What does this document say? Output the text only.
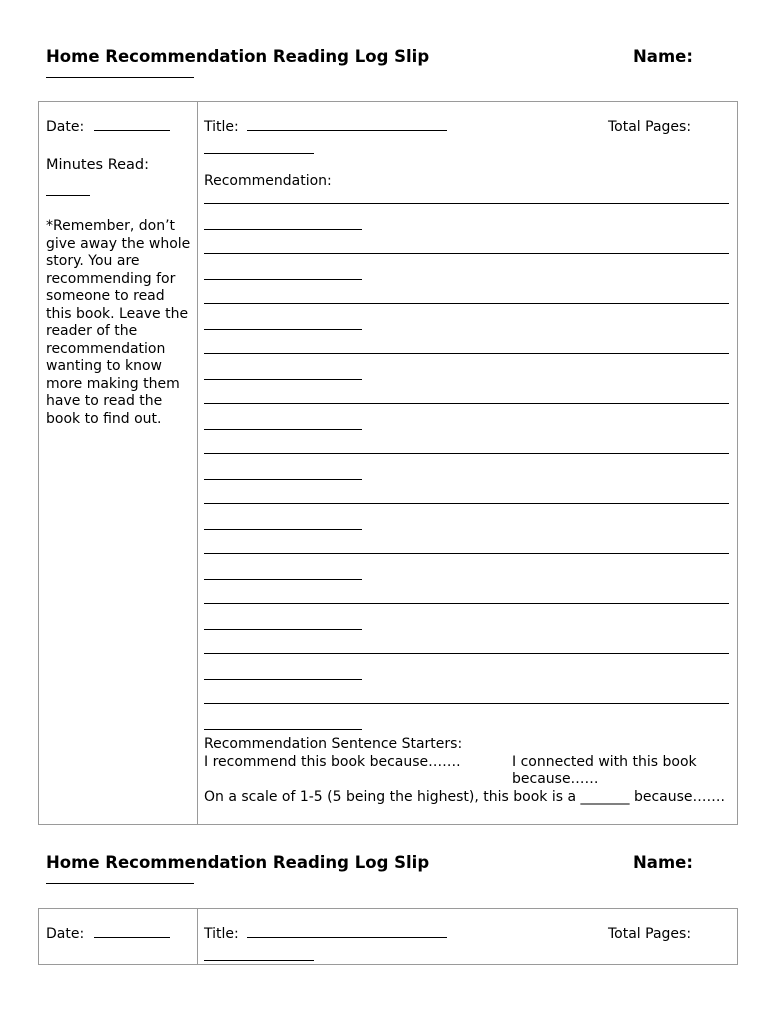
Home Recommendation Reading Log Slip	Name:
Date:
Minutes Read:
*Remember, don’t give away the whole story. You are recommending for someone to read this book. Leave the reader of the recommendation wanting to know more making them have to read the book to find out.
Title:	Total Pages:
Recommendation:
Recommendation Sentence Starters:
I recommend this book because…….	I connected with this book because……
On a scale of 1-5 (5 being the highest), this book is a _______ because…….
Home Recommendation Reading Log Slip	Name:
Date:	Title:	Total Pages:
